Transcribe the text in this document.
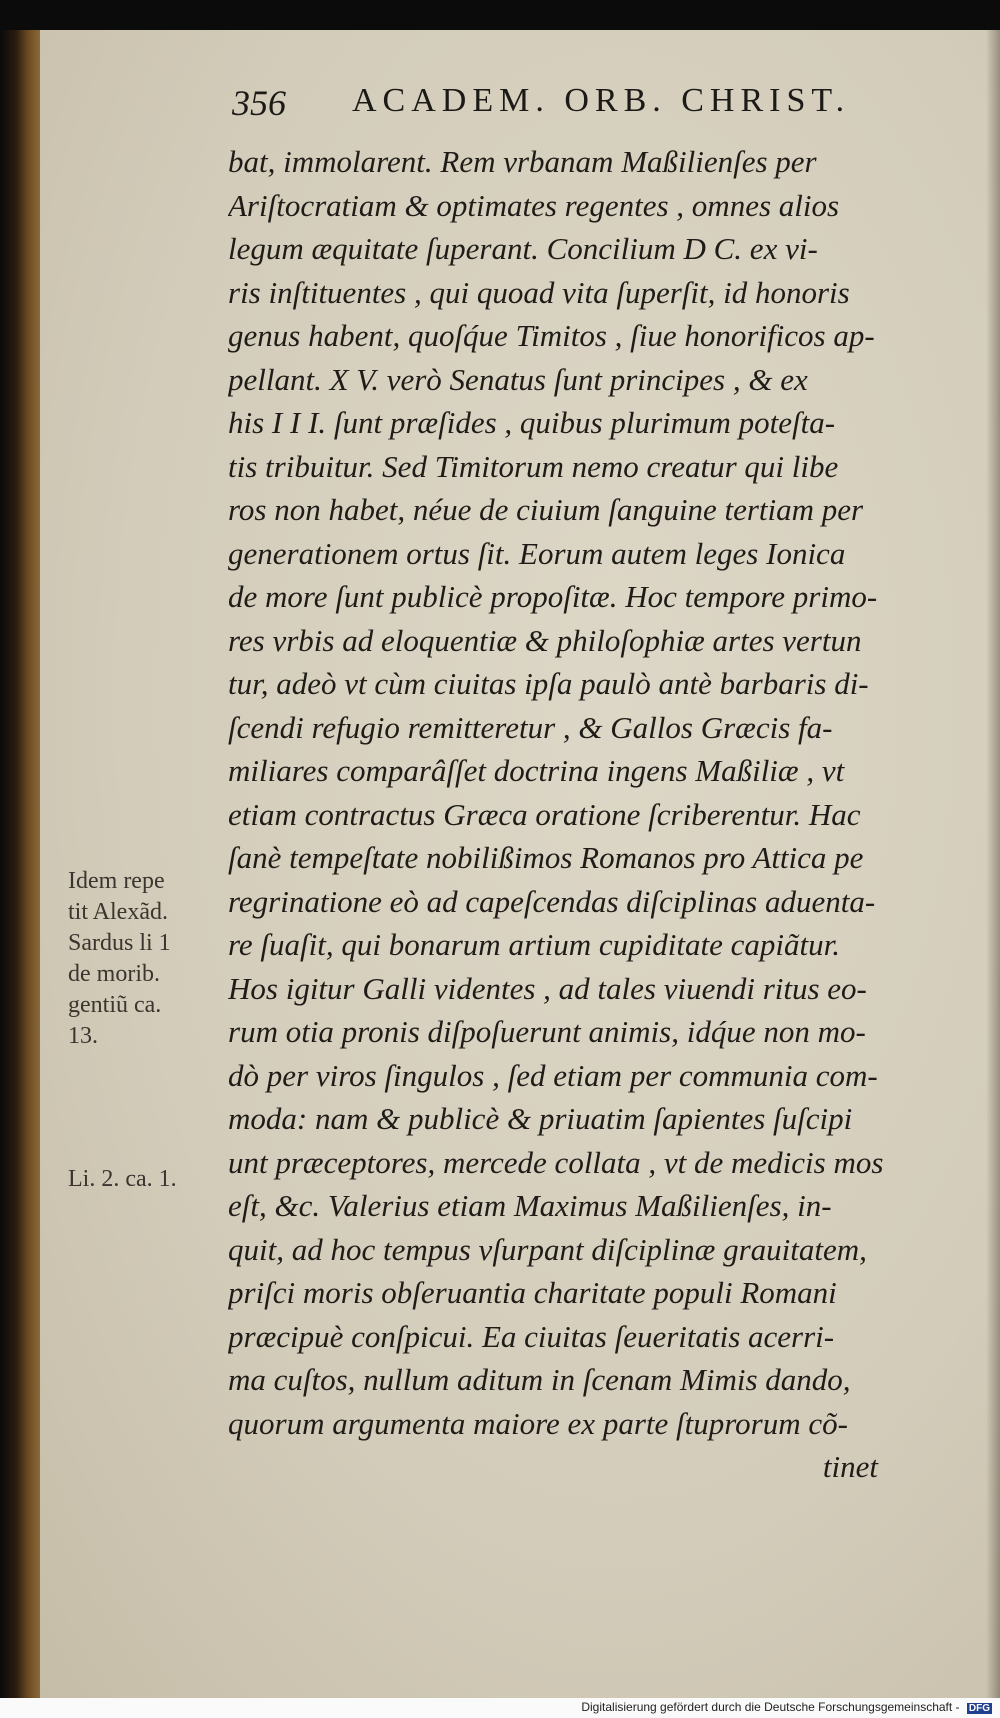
356 ACADEM. ORB. CHRIST.
bat, immolarent. Rem vrbanam Maßilienſes per
Ariſtocratiam & optimates regentes , omnes alios
legum æquitate ſuperant. Concilium D C. ex vi-
ris inſtituentes , qui quoad vita ſuperſit, id honoris
genus habent, quoſq́ue Timitos , ſiue honorificos ap-
pellant. X V. verò Senatus ſunt principes , & ex
his I I I. ſunt præſides , quibus plurimum poteſta-
tis tribuitur. Sed Timitorum nemo creatur qui libe
ros non habet, néue de ciuium ſanguine tertiam per
generationem ortus ſit. Eorum autem leges Ionica
de more ſunt publicè propoſitæ. Hoc tempore primo-
res vrbis ad eloquentiæ & philoſophiæ artes vertun
tur, adeò vt cùm ciuitas ipſa paulò antè barbaris di-
ſcendi refugio remitteretur , & Gallos Græcis fa-
miliares comparâſſet doctrina ingens Maßiliæ , vt
etiam contractus Græca oratione ſcriberentur. Hac
ſanè tempeſtate nobilißimos Romanos pro Attica pe
regrinatione eò ad capeſcendas diſciplinas aduenta-
re ſuaſit, qui bonarum artium cupiditate capiãtur.
Hos igitur Galli videntes , ad tales viuendi ritus eo-
rum otia pronis diſpoſuerunt animis, idq́ue non mo-
dò per viros ſingulos , ſed etiam per communia com-
moda: nam & publicè & priuatim ſapientes ſuſcipi
unt præceptores, mercede collata , vt de medicis mos
eſt, &c. Valerius etiam Maximus Maßilienſes, in-
quit, ad hoc tempus vſurpant diſciplinæ grauitatem,
priſci moris obſeruantia charitate populi Romani
præcipuè conſpicui. Ea ciuitas ſeueritatis acerri-
ma cuſtos, nullum aditum in ſcenam Mimis dando,
quorum argumenta maiore ex parte ſtuprorum cõ-
tinet
Idem repe
tit Alexãd.
Sardus li 1
de morib.
gentiũ ca.
13.
Li. 2. ca. 1.
Digitalisierung gefördert durch die Deutsche Forschungsgemeinschaft - DFG
